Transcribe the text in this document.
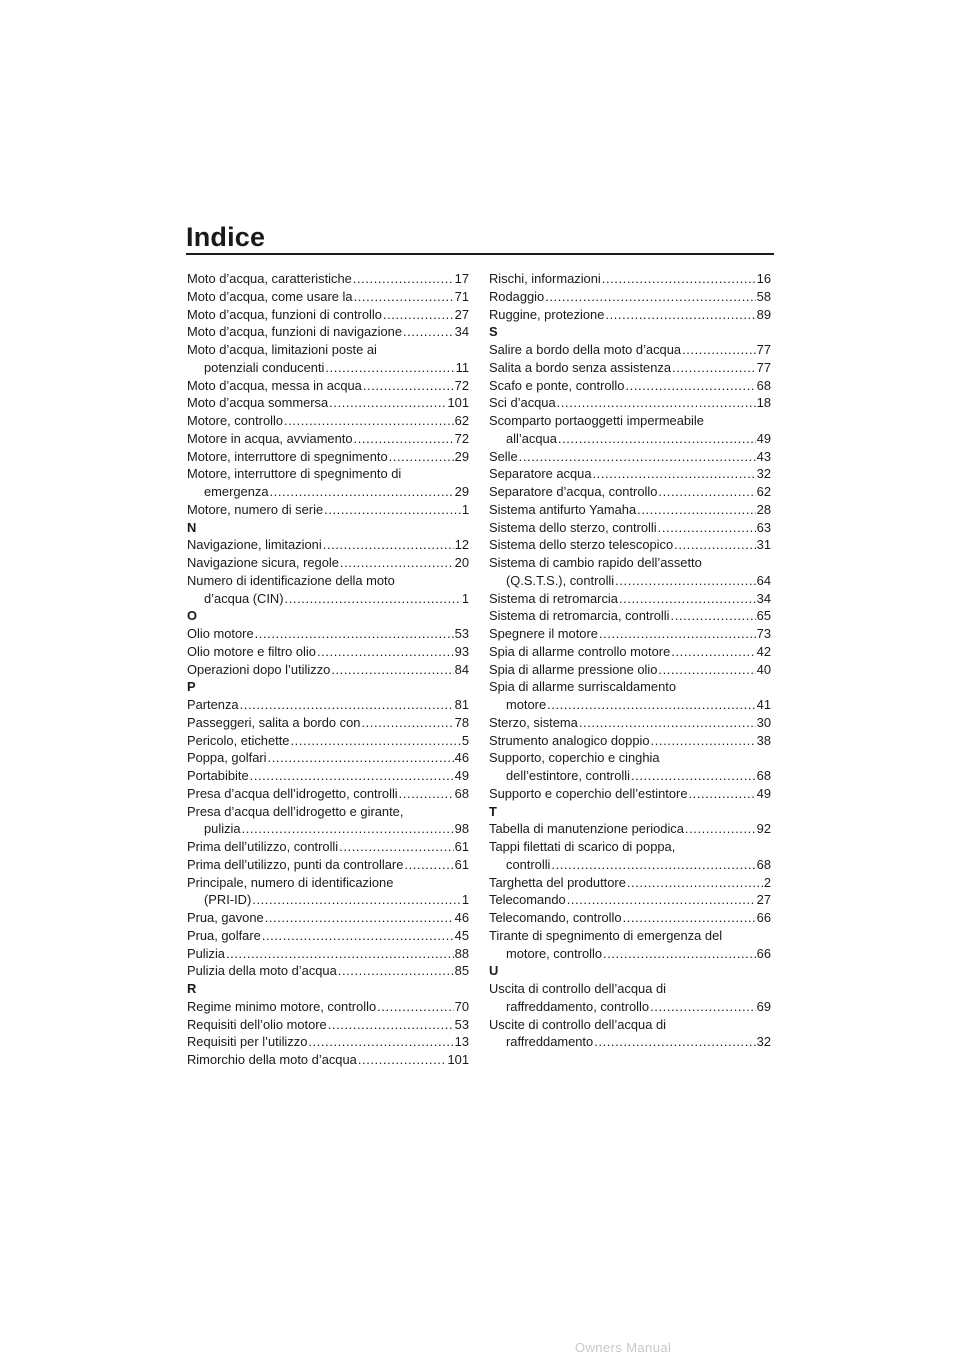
Indice
Moto d’acqua, caratteristiche .....	17
Moto d’acqua, come usare la .....	71
Moto d’acqua, funzioni di controllo .....	27
Moto d’acqua, funzioni di navigazione .....	34
Moto d’acqua, limitazioni poste ai
potenziali conducenti .....	11
Moto d’acqua, messa in acqua .....	72
Moto d’acqua sommersa .....	101
Motore, controllo .....	62
Motore in acqua, avviamento .....	72
Motore, interruttore di spegnimento .....	29
Motore, interruttore di spegnimento di
emergenza .....	29
Motore, numero di serie .....	1
N
Navigazione, limitazioni .....	12
Navigazione sicura, regole .....	20
Numero di identificazione della moto
d’acqua (CIN) .....	1
O
Olio motore .....	53
Olio motore e filtro olio .....	93
Operazioni dopo l’utilizzo .....	84
P
Partenza .....	81
Passeggeri, salita a bordo con .....	78
Pericolo, etichette .....	5
Poppa, golfari .....	46
Portabibite .....	49
Presa d’acqua dell’idrogetto, controlli .....	68
Presa d’acqua dell’idrogetto e girante,
pulizia .....	98
Prima dell’utilizzo, controlli .....	61
Prima dell’utilizzo, punti da controllare .....	61
Principale, numero di identificazione
(PRI-ID) .....	1
Prua, gavone .....	46
Prua, golfare .....	45
Pulizia .....	88
Pulizia della moto d’acqua .....	85
R
Regime minimo motore, controllo .....	70
Requisiti dell’olio motore .....	53
Requisiti per l’utilizzo .....	13
Rimorchio della moto d’acqua .....	101
Rischi, informazioni .....	16
Rodaggio .....	58
Ruggine, protezione .....	89
S
Salire a bordo della moto d’acqua .....	77
Salita a bordo senza assistenza .....	77
Scafo e ponte, controllo .....	68
Sci d’acqua .....	18
Scomparto portaoggetti impermeabile
all’acqua .....	49
Selle .....	43
Separatore acqua .....	32
Separatore d’acqua, controllo .....	62
Sistema antifurto Yamaha .....	28
Sistema dello sterzo, controlli .....	63
Sistema dello sterzo telescopico .....	31
Sistema di cambio rapido dell’assetto
(Q.S.T.S.), controlli .....	64
Sistema di retromarcia .....	34
Sistema di retromarcia, controlli .....	65
Spegnere il motore .....	73
Spia di allarme controllo motore .....	42
Spia di allarme pressione olio .....	40
Spia di allarme surriscaldamento
motore .....	41
Sterzo, sistema .....	30
Strumento analogico doppio .....	38
Supporto, coperchio e cinghia
dell’estintore, controlli .....	68
Supporto e coperchio dell’estintore .....	49
T
Tabella di manutenzione periodica .....	92
Tappi filettati di scarico di poppa,
controlli .....	68
Targhetta del produttore .....	2
Telecomando .....	27
Telecomando, controllo .....	66
Tirante di spegnimento di emergenza del
motore, controllo .....	66
U
Uscita di controllo dell’acqua di
raffreddamento, controllo .....	69
Uscite di controllo dell’acqua di
raffreddamento .....	32
Owners Manual
